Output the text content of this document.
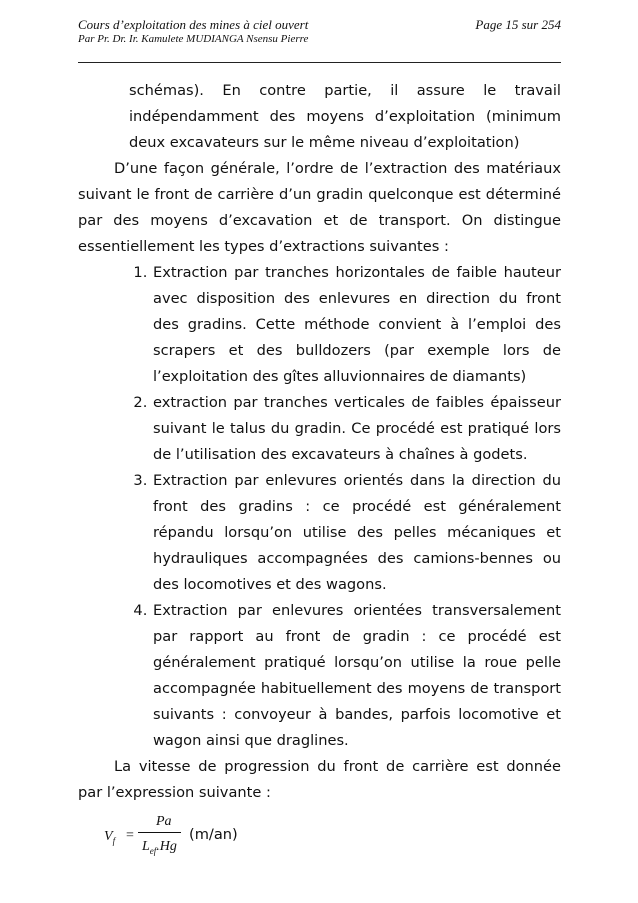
Cours d’exploitation des mines à ciel ouvert	Page 15 sur 254
Par Pr. Dr. Ir. Kamulete MUDIANGA Nsensu Pierre

schémas). En contre partie, il assure le travail indépendamment des moyens d’exploitation (minimum deux excavateurs sur le même niveau d’exploitation)

D’une façon générale, l’ordre de l’extraction des matériaux suivant le front de carrière d’un gradin quelconque est déterminé par des moyens d’excavation et de transport. On distingue essentiellement les types d’extractions suivantes :

1. Extraction par tranches horizontales de faible hauteur avec disposition des enlevures en direction du front des gradins. Cette méthode convient à l’emploi des scrapers et des bulldozers (par exemple lors de l’exploitation des gîtes alluvionnaires de diamants)
2. extraction par tranches verticales de faibles épaisseur suivant le talus du gradin. Ce procédé est pratiqué lors de l’utilisation des excavateurs à chaînes à godets.
3. Extraction par enlevures orientés dans la direction du front des gradins : ce procédé est généralement répandu lorsqu’on utilise des pelles mécaniques et hydrauliques accompagnées des camions-bennes ou des locomotives et des wagons.
4. Extraction par enlevures orientées transversalement par rapport au front de gradin : ce procédé est généralement pratiqué lorsqu’on utilise la roue pelle accompagnée habituellement des moyens de transport suivants : convoyeur à bandes, parfois locomotive et wagon ainsi que draglines.

La vitesse de progression du front de carrière est donnée par l’expression suivante :

$V_f$ =
Pa
$L_{ef}.Hg$
(m/an)
